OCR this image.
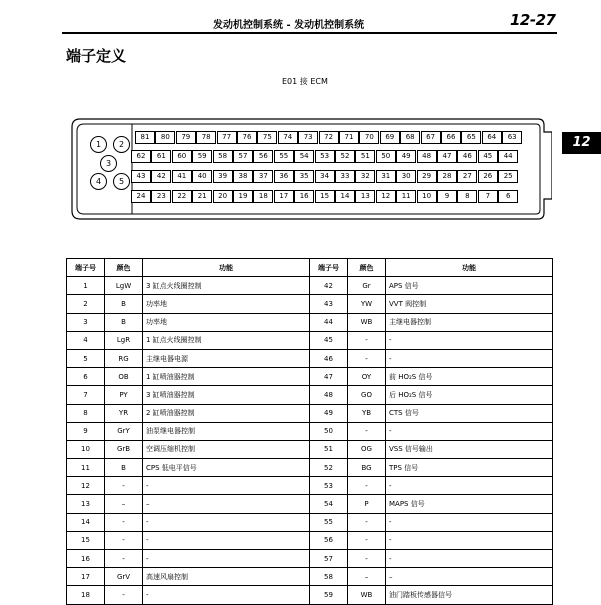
发动机控制系统 - 发动机控制系统	12-27
端子定义
E01 接 ECM
12
1	2
3
4	5
81	80	79	78	77	76	75	74	73	72	71	70	69	68	67	66	65	64	63
62	61	60	59	58	57	56	55	54	53	52	51	50	49	48	47	46	45	44
43	42	41	40	39	38	37	36	35	34	33	32	31	30	29	28	27	26	25
24	23	22	21	20	19	18	17	16	15	14	13	12	11	10	9	8	7	6
端子号	颜色	功能	端子号	颜色	功能
1	LgW	3 缸点火线圈控制	42	Gr	APS 信号
2	B	功率地	43	YW	VVT 阀控制
3	B	功率地	44	WB	主继电器控制
4	LgR	1 缸点火线圈控制	45	-	-
5	RG	主继电器电源	46	-	-
6	OB	1 缸喷油器控制	47	OY	前 HO₂S 信号
7	PY	3 缸喷油器控制	48	GO	后 HO₂S 信号
8	YR	2 缸喷油器控制	49	YB	CTS 信号
9	GrY	油泵继电器控制	50	-	-
10	GrB	空调压缩机控制	51	OG	VSS 信号输出
11	B	CPS 低电平信号	52	BG	TPS 信号
12	-	-	53	-	-
13	–	–	54	P	MAPS 信号
14	-	-	55	-	-
15	-	-	56	-	-
16	-	-	57	-	-
17	GrV	高速风扇控制	58	–	–
18	-	-	59	WB	油门踏板传感器信号
